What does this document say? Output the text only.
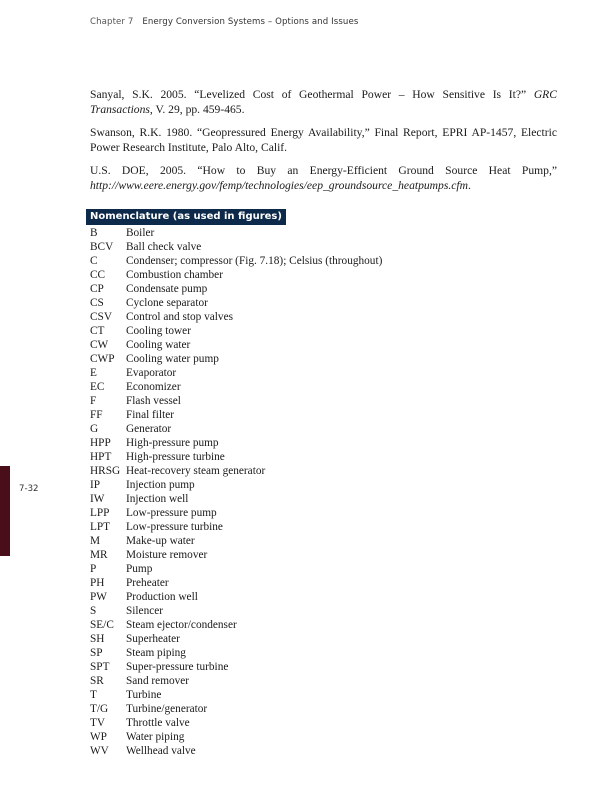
Chapter 7 Energy Conversion Systems – Options and Issues

Sanyal, S.K. 2005. “Levelized Cost of Geothermal Power – How Sensitive Is It?” GRC Transactions, V. 29, pp. 459-465.

Swanson, R.K. 1980. “Geopressured Energy Availability,” Final Report, EPRI AP-1457, Electric Power Research Institute, Palo Alto, Calif.

U.S. DOE, 2005. “How to Buy an Energy-Efficient Ground Source Heat Pump,” http://www.eere.energy.gov/femp/technologies/eep_groundsource_heatpumps.cfm.

Nomenclature (as used in figures)
B	Boiler
BCV Ball check valve
C	Condenser; compressor (Fig. 7.18); Celsius (throughout)
CC Combustion chamber
CP Condensate pump
CS Cyclone separator
CSV Control and stop valves
CT Cooling tower
CW Cooling water
CWP Cooling water pump
E	Evaporator
EC Economizer
F	Flash vessel
FF Final filter
G Generator
HPP High-pressure pump
HPT High-pressure turbine
HRSG Heat-recovery steam generator
IP Injection pump
IW Injection well
LPP Low-pressure pump
LPT Low-pressure turbine
M Make-up water
MR Moisture remover
P	Pump
PH Preheater
PW Production well
S	Silencer
SE/C Steam ejector/condenser
SH Superheater
SP Steam piping
SPT Super-pressure turbine
SR Sand remover
T	Turbine
T/G Turbine/generator
TV Throttle valve
WP Water piping
WV Wellhead valve
7-32
